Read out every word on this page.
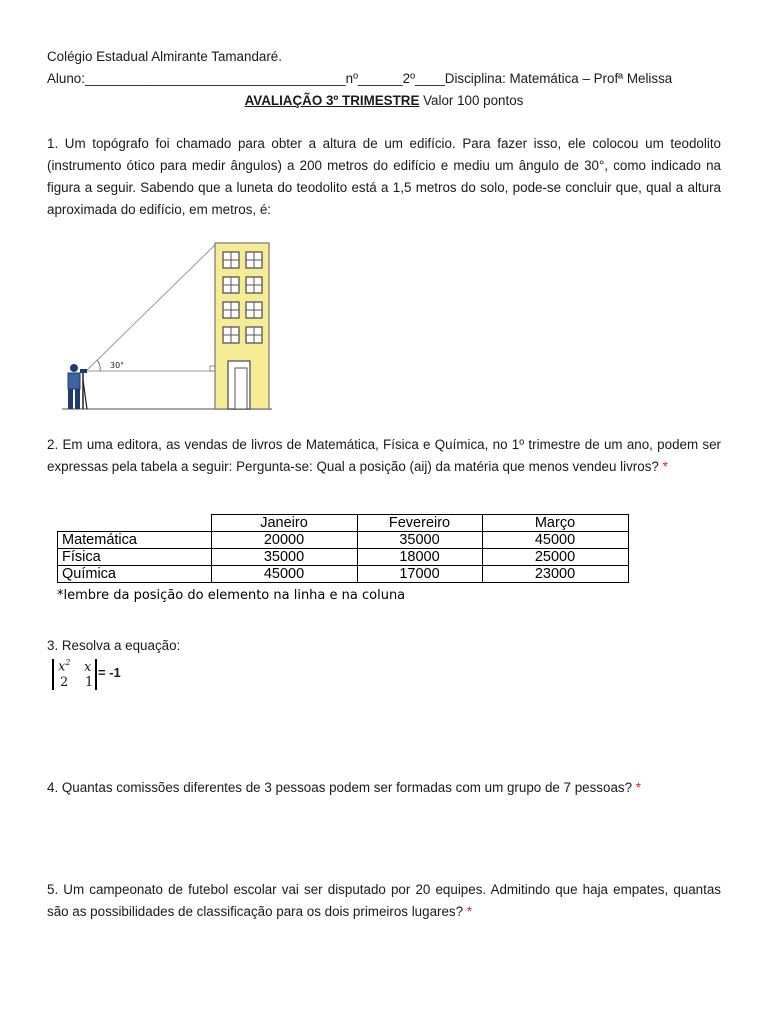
Colégio Estadual Almirante Tamandaré.
Aluno:___________________________________nº______2º____Disciplina: Matemática – Profª Melissa
AVALIAÇÃO 3º TRIMESTRE Valor 100 pontos
1. Um topógrafo foi chamado para obter a altura de um edifício. Para fazer isso, ele colocou um teodolito (instrumento ótico para medir ângulos) a 200 metros do edifício e mediu um ângulo de 30°, como indicado na figura a seguir. Sabendo que a luneta do teodolito está a 1,5 metros do solo, pode-se concluir que, qual a altura aproximada do edifício, em metros, é:
30°
2. Em uma editora, as vendas de livros de Matemática, Física e Química, no 1º trimestre de um ano, podem ser expressas pela tabela a seguir: Pergunta-se: Qual a posição (aij) da matéria que menos vendeu livros? *
	Janeiro	Fevereiro	Março
Matemática	20000	35000	45000
Física	35000	18000	25000
Química	45000	17000	23000
*lembre da posição do elemento na linha e na coluna
3. Resolva a equação:
$x^2$ x
2 1
= -1
4. Quantas comissões diferentes de 3 pessoas podem ser formadas com um grupo de 7 pessoas? *
5. Um campeonato de futebol escolar vai ser disputado por 20 equipes. Admitindo que haja empates, quantas são as possibilidades de classificação para os dois primeiros lugares? *
